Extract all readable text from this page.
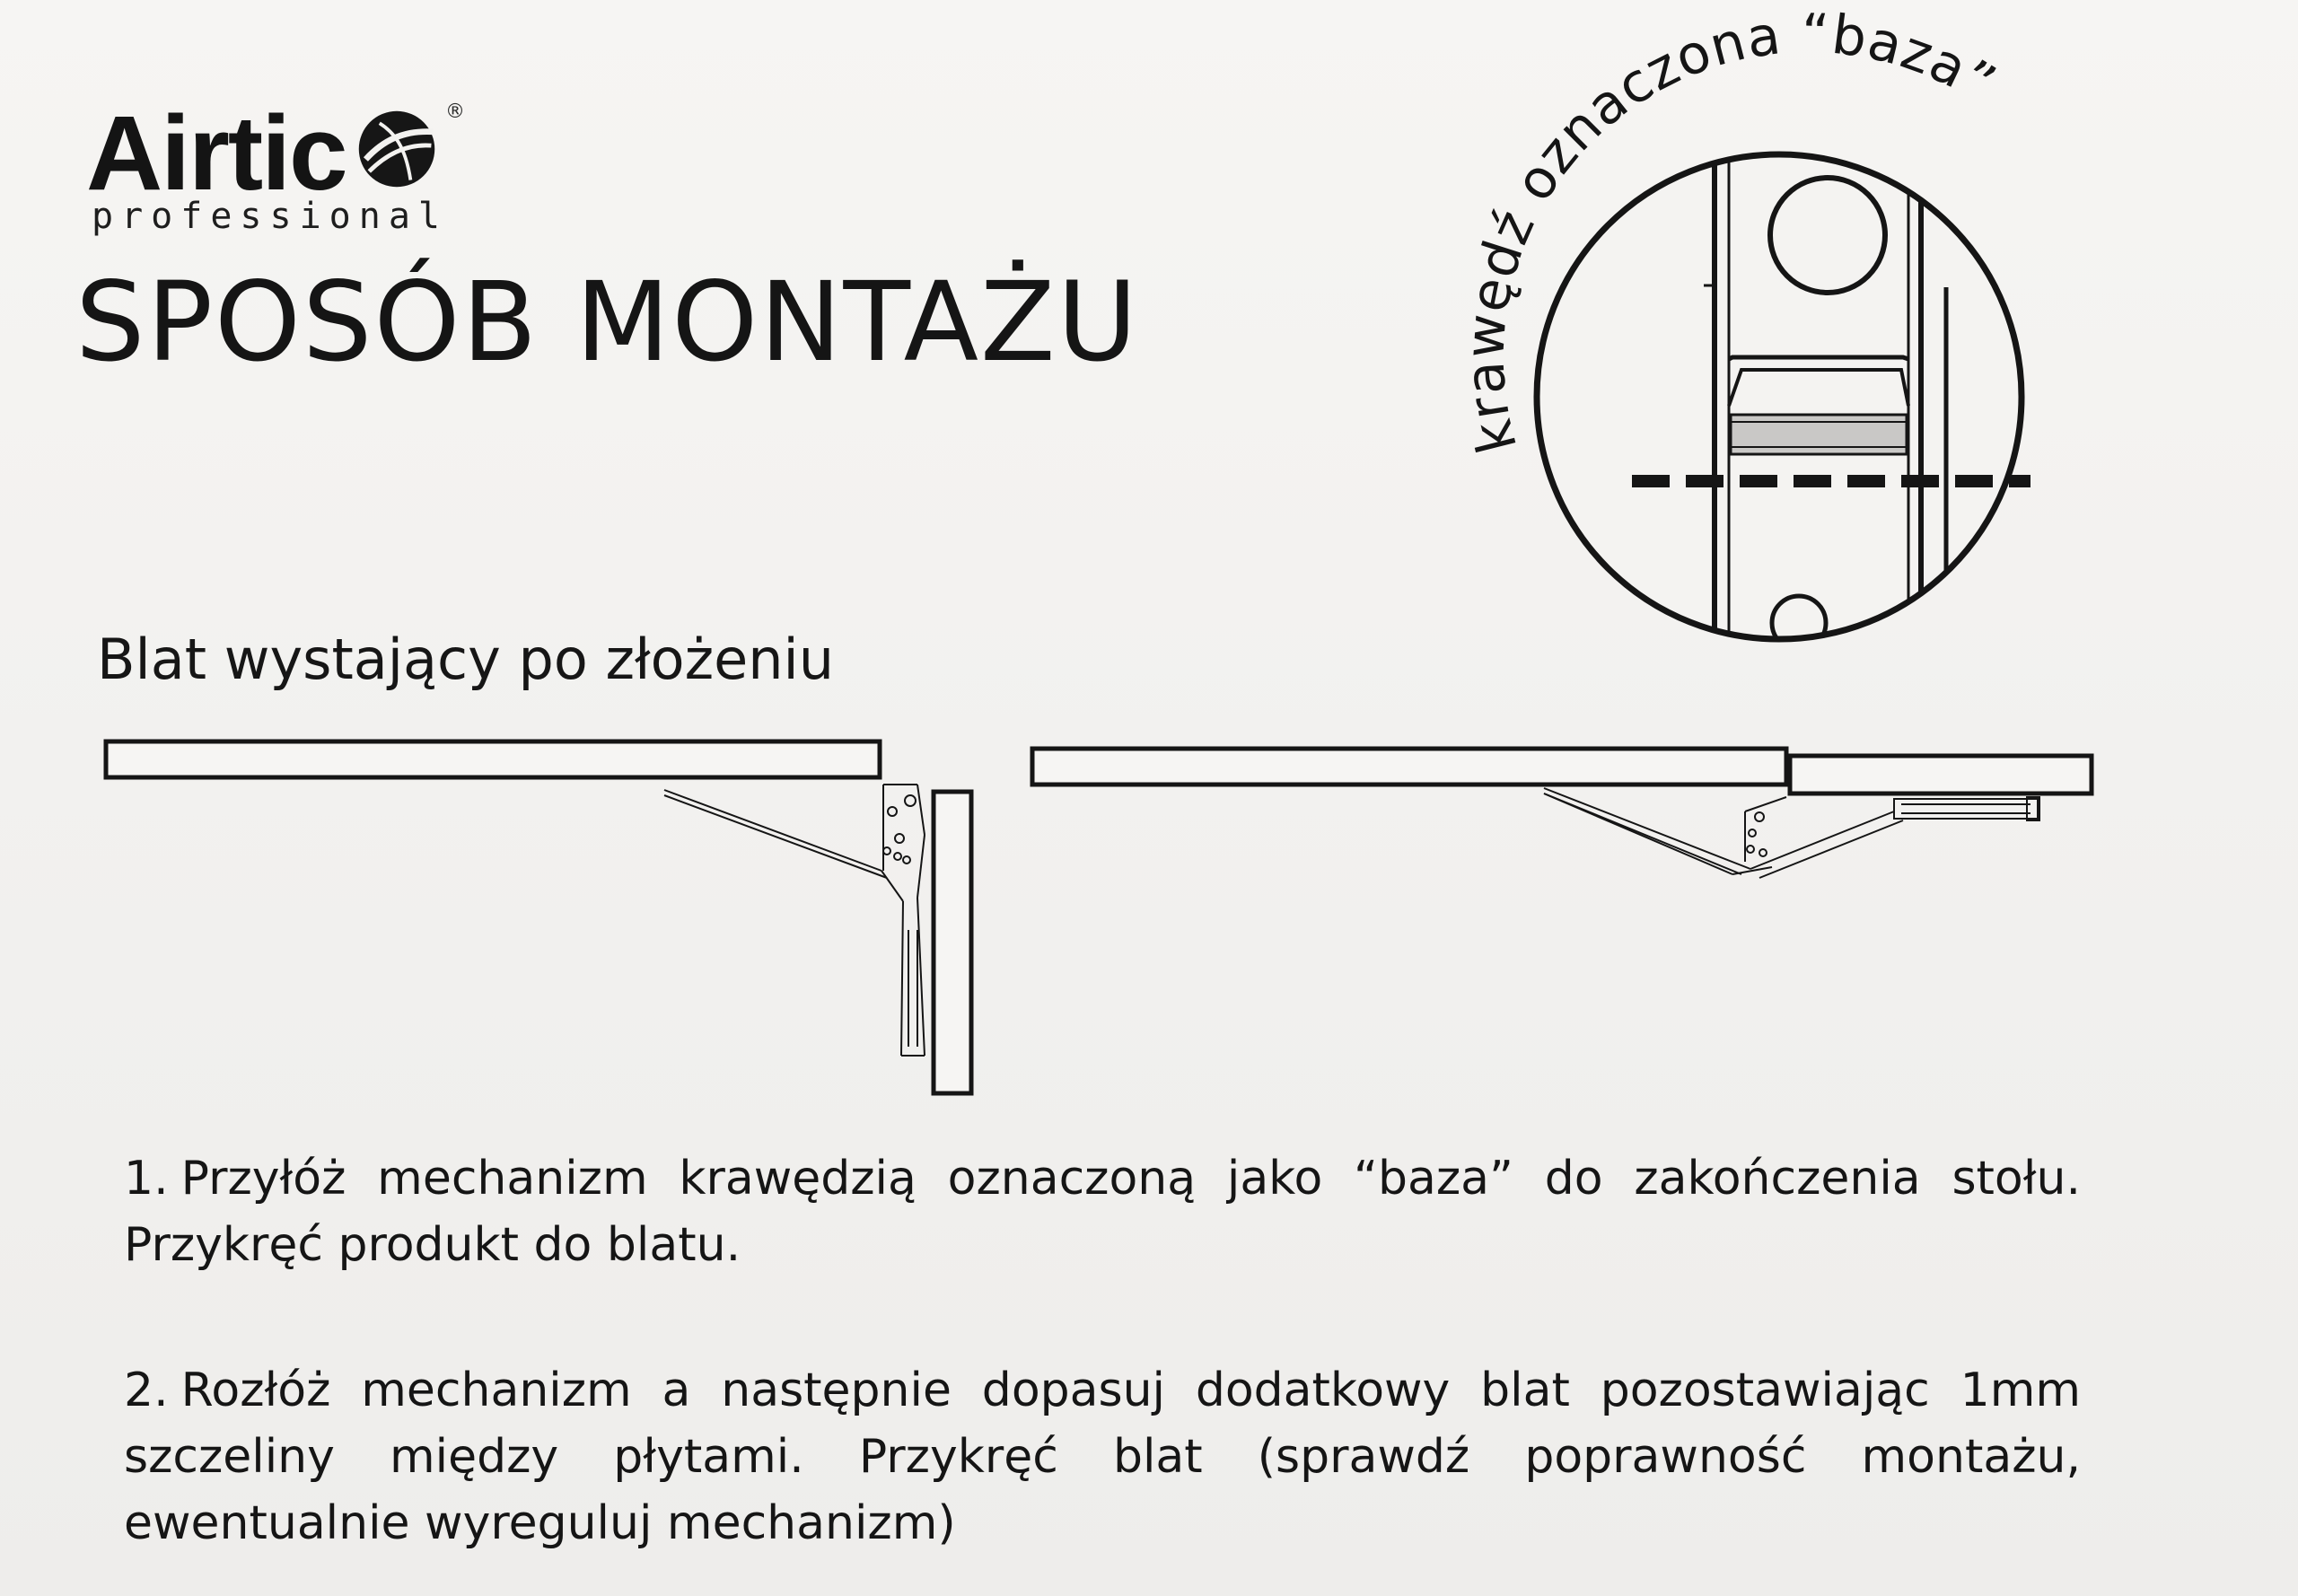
Airtic	®
professional
SPOSÓB MONTAŻU
krawędź oznaczona “baza”
Blat wystający po złożeniu
1. Przyłóż mechanizm krawędzią oznaczoną jako “baza” do zakończenia stołu. Przykręć produkt do blatu.
2. Rozłóż mechanizm a następnie dopasuj dodatkowy blat pozostawiając 1mm szczeliny między płytami. Przykręć blat (sprawdź poprawność montażu, ewentualnie wyreguluj mechanizm)
